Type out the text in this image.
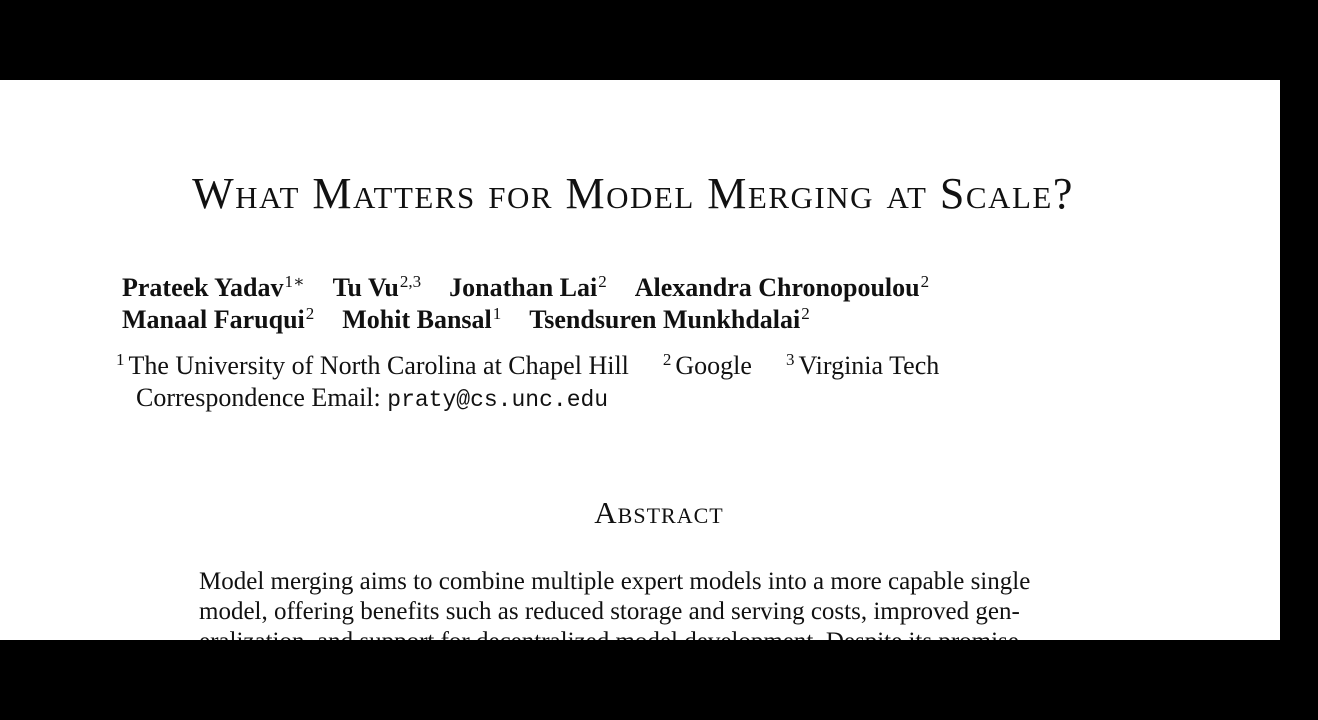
What Matters for Model Merging at Scale?
Prateek Yadav$^{1∗}$ Tu Vu$^{2,3}$ Jonathan Lai$^2$ Alexandra Chronopoulou$^2$
Manaal Faruqui$^2$ Mohit Bansal$^1$ Tsendsuren Munkhdalai$^2$
$^1$ The University of North Carolina at Chapel Hill $^2$ Google $^3$ Virginia Tech
Correspondence Email: praty@cs.unc.edu
Abstract
Model merging aims to combine multiple expert models into a more capable single
model, offering benefits such as reduced storage and serving costs, improved gen-
